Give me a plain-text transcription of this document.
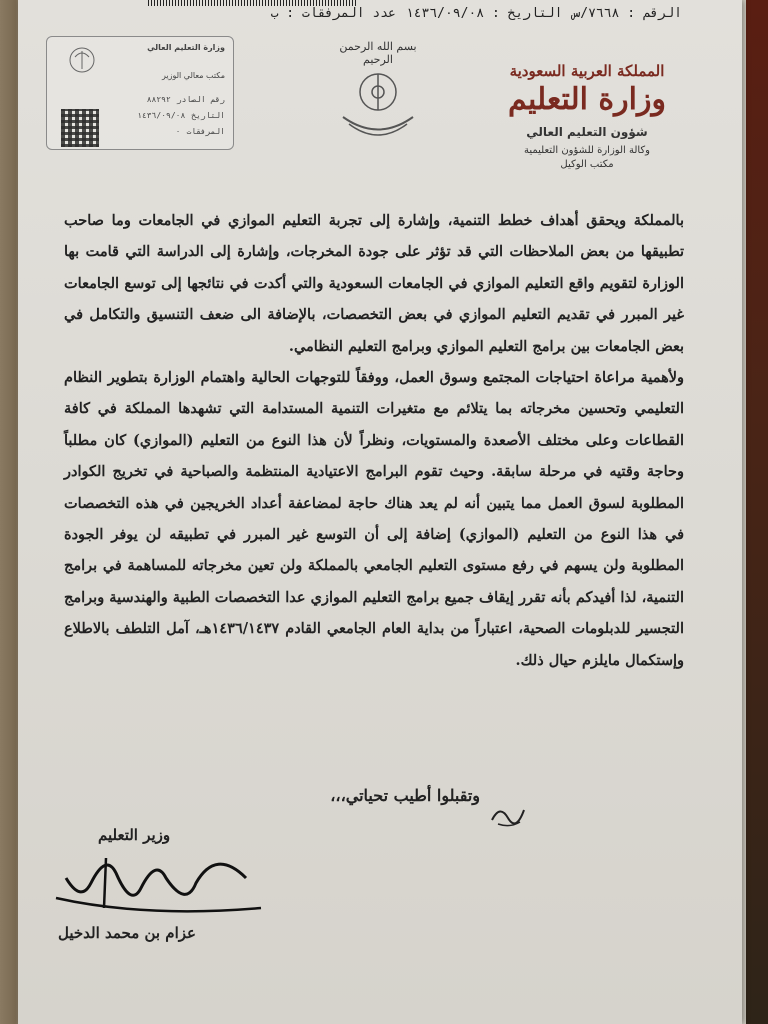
الرقم : ٧٦٦٨/س
التاريخ : ١٤٣٦/٠٩/٠٨
عدد المرفقات : ب
المملكة العربية السعودية
وزارة التعليم
شؤون التعليم العالي
وكالة الوزارة للشؤون التعليمية
مكتب الوكيل
بسم الله الرحمن الرحيم
وزارة التعليم العالي
مكتب معالي الوزير
رقم الصادر
٨٨٢٩٢
التاريخ
١٤٣٦/٠٩/٠٨
المرفقات
٠

بالمملكة ويحقق أهداف خطط التنمية، وإشارة إلى تجربة التعليم الموازي في الجامعات وما صاحب تطبيقها من بعض الملاحظات التي قد تؤثر على جودة المخرجات، وإشارة إلى الدراسة التي قامت بها الوزارة لتقويم واقع التعليم الموازي في الجامعات السعودية والتي أكدت في نتائجها إلى توسع الجامعات غير المبرر في تقديم التعليم الموازي في بعض التخصصات، بالإضافة الى ضعف التنسيق والتكامل في بعض الجامعات بين برامج التعليم الموازي وبرامج التعليم النظامي.

ولأهمية مراعاة احتياجات المجتمع وسوق العمل، ووفقاً للتوجهات الحالية واهتمام الوزارة بتطوير النظام التعليمي وتحسين مخرجاته بما يتلائم مع متغيرات التنمية المستدامة التي تشهدها المملكة في كافة القطاعات وعلى مختلف الأصعدة والمستويات، ونظراً لأن هذا النوع من التعليم (الموازي) كان مطلباً وحاجة وقتيه في مرحلة سابقة. وحيث تقوم البرامج الاعتيادية المنتظمة والصباحية في تخريج الكوادر المطلوبة لسوق العمل مما يتبين أنه لم يعد هناك حاجة لمضاعفة أعداد الخريجين في هذه التخصصات في هذا النوع من التعليم (الموازي) إضافة إلى أن التوسع غير المبرر في تطبيقه لن يوفر الجودة المطلوبة ولن يسهم في رفع مستوى التعليم الجامعي بالمملكة ولن تعين مخرجاته للمساهمة في برامج التنمية، لذا أفيدكم بأنه تقرر إيقاف جميع برامج التعليم الموازي عدا التخصصات الطبية والهندسية وبرامج التجسير للدبلومات الصحية، اعتباراً من بداية العام الجامعي القادم ١٤٣٦/١٤٣٧هـ، آمل التلطف بالاطلاع وإستكمال مايلزم حيال ذلك.

وتقبلوا أطيب تحياتي،،،
وزير التعليم
عزام بن محمد الدخيل
